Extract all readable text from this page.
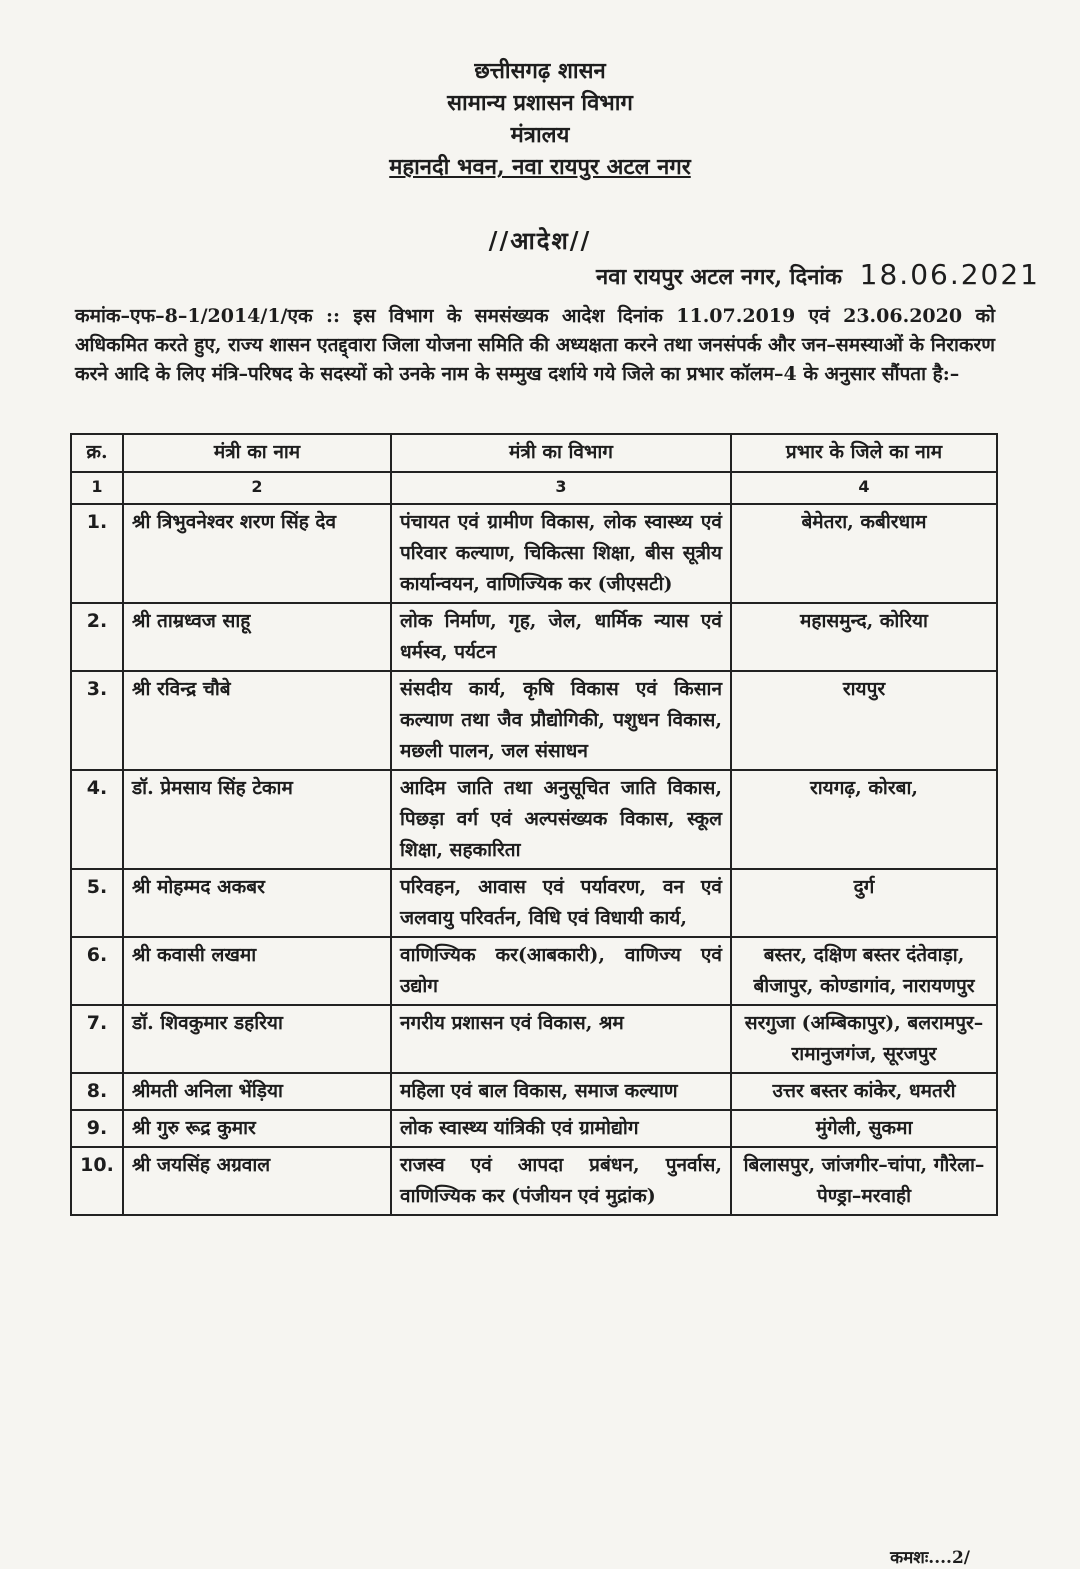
छत्तीसगढ़ शासन
सामान्य प्रशासन विभाग
मंत्रालय
महानदी भवन, नवा रायपुर अटल नगर
//आदेश//
नवा रायपुर अटल नगर, दिनांक 18.06.2021
कमांक–एफ–8–1/2014/1/एक :: इस विभाग के समसंख्यक आदेश दिनांक 11.07.2019 एवं 23.06.2020 को अधिकमित करते हुए, राज्य शासन एतद्द्वारा जिला योजना समिति की अध्यक्षता करने तथा जनसंपर्क और जन–समस्याओं के निराकरण करने आदि के लिए मंत्रि–परिषद के सदस्यों को उनके नाम के सम्मुख दर्शाये गये जिले का प्रभार कॉलम–4 के अनुसार सौंपता है:–
क्र.	मंत्री का नाम	मंत्री का विभाग	प्रभार के जिले का नाम
1	2	3	4
1.	श्री त्रिभुवनेश्वर शरण सिंह देव	पंचायत एवं ग्रामीण विकास, लोक स्वास्थ्य एवं परिवार कल्याण, चिकित्सा शिक्षा, बीस सूत्रीय कार्यान्वयन, वाणिज्यिक कर (जीएसटी)	बेमेतरा, कबीरधाम
2.	श्री ताम्रध्वज साहू	लोक निर्माण, गृह, जेल, धार्मिक न्यास एवं धर्मस्व, पर्यटन	महासमुन्द, कोरिया
3.	श्री रविन्द्र चौबे	संसदीय कार्य, कृषि विकास एवं किसान कल्याण तथा जैव प्रौद्योगिकी, पशुधन विकास, मछली पालन, जल संसाधन	रायपुर
4.	डॉ. प्रेमसाय सिंह टेकाम	आदिम जाति तथा अनुसूचित जाति विकास, पिछड़ा वर्ग एवं अल्पसंख्यक विकास, स्कूल शिक्षा, सहकारिता	रायगढ़, कोरबा,
5.	श्री मोहम्मद अकबर	परिवहन, आवास एवं पर्यावरण, वन एवं जलवायु परिवर्तन, विधि एवं विधायी कार्य,	दुर्ग
6.	श्री कवासी लखमा	वाणिज्यिक कर(आबकारी), वाणिज्य एवं उद्योग	बस्तर, दक्षिण बस्तर दंतेवाड़ा, बीजापुर, कोण्डागांव, नारायणपुर
7.	डॉ. शिवकुमार डहरिया	नगरीय प्रशासन एवं विकास, श्रम	सरगुजा (अम्बिकापुर), बलरामपुर–रामानुजगंज, सूरजपुर
8.	श्रीमती अनिला भेंड़िया	महिला एवं बाल विकास, समाज कल्याण	उत्तर बस्तर कांकेर, धमतरी
9.	श्री गुरु रूद्र कुमार	लोक स्वास्थ्य यांत्रिकी एवं ग्रामोद्योग	मुंगेली, सुकमा
10.	श्री जयसिंह अग्रवाल	राजस्व एवं आपदा प्रबंधन, पुनर्वास, वाणिज्यिक कर (पंजीयन एवं मुद्रांक)	बिलासपुर, जांजगीर–चांपा, गौरेला–पेण्ड्रा–मरवाही
कमशः....2/
